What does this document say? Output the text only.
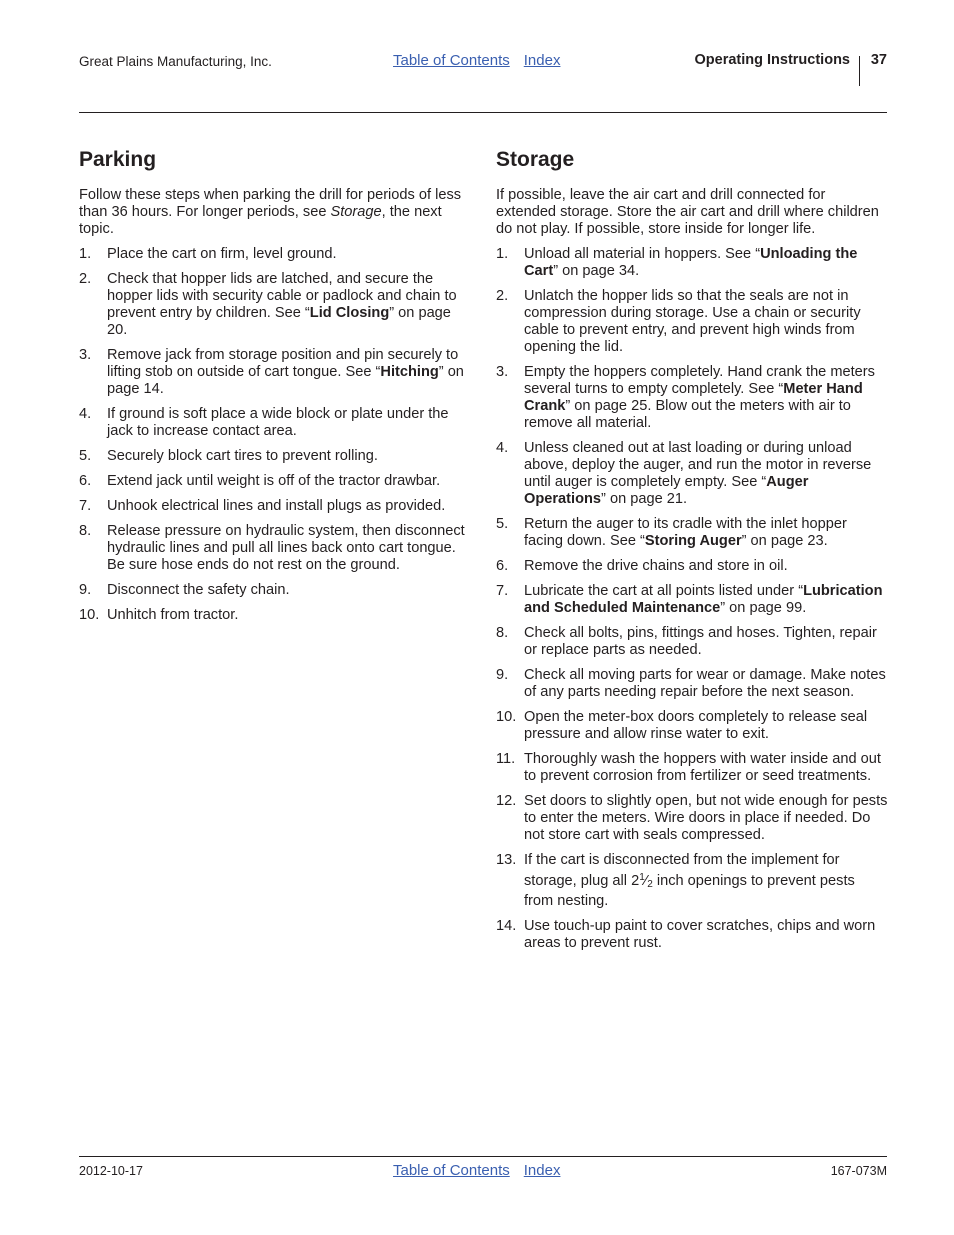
Great Plains Manufacturing, Inc.	Table of Contents Index	Operating Instructions 37
Parking

Follow these steps when parking the drill for periods of less than 36 hours. For longer periods, see Storage, the next topic.

1. Place the cart on firm, level ground.
2. Check that hopper lids are latched, and secure the hopper lids with security cable or padlock and chain to prevent entry by children. See “Lid Closing” on page 20.
3. Remove jack from storage position and pin securely to lifting stob on outside of cart tongue. See “Hitching” on page 14.
4. If ground is soft place a wide block or plate under the jack to increase contact area.
5. Securely block cart tires to prevent rolling.
6. Extend jack until weight is off of the tractor drawbar.
7. Unhook electrical lines and install plugs as provided.
8. Release pressure on hydraulic system, then disconnect hydraulic lines and pull all lines back onto cart tongue. Be sure hose ends do not rest on the ground.
9. Disconnect the safety chain.
10. Unhitch from tractor.
Storage

If possible, leave the air cart and drill connected for extended storage. Store the air cart and drill where children do not play. If possible, store inside for longer life.

1. Unload all material in hoppers. See “Unloading the Cart” on page 34.
2. Unlatch the hopper lids so that the seals are not in compression during storage. Use a chain or security cable to prevent entry, and prevent high winds from opening the lid.
3. Empty the hoppers completely. Hand crank the meters several turns to empty completely. See “Meter Hand Crank” on page 25. Blow out the meters with air to remove all material.
4. Unless cleaned out at last loading or during unload above, deploy the auger, and run the motor in reverse until auger is completely empty. See “Auger Operations” on page 21.
5. Return the auger to its cradle with the inlet hopper facing down. See “Storing Auger” on page 23.
6. Remove the drive chains and store in oil.
7. Lubricate the cart at all points listed under “Lubrication and Scheduled Maintenance” on page 99.
8. Check all bolts, pins, fittings and hoses. Tighten, repair or replace parts as needed.
9. Check all moving parts for wear or damage. Make notes of any parts needing repair before the next season.
10. Open the meter-box doors completely to release seal pressure and allow rinse water to exit.
11. Thoroughly wash the hoppers with water inside and out to prevent corrosion from fertilizer or seed treatments.
12. Set doors to slightly open, but not wide enough for pests to enter the meters. Wire doors in place if needed. Do not store cart with seals compressed.
13. If the cart is disconnected from the implement for storage, plug all $2^1⁄_2$ inch openings to prevent pests from nesting.
14. Use touch-up paint to cover scratches, chips and worn areas to prevent rust.
2012-10-17	Table of Contents Index	167-073M
